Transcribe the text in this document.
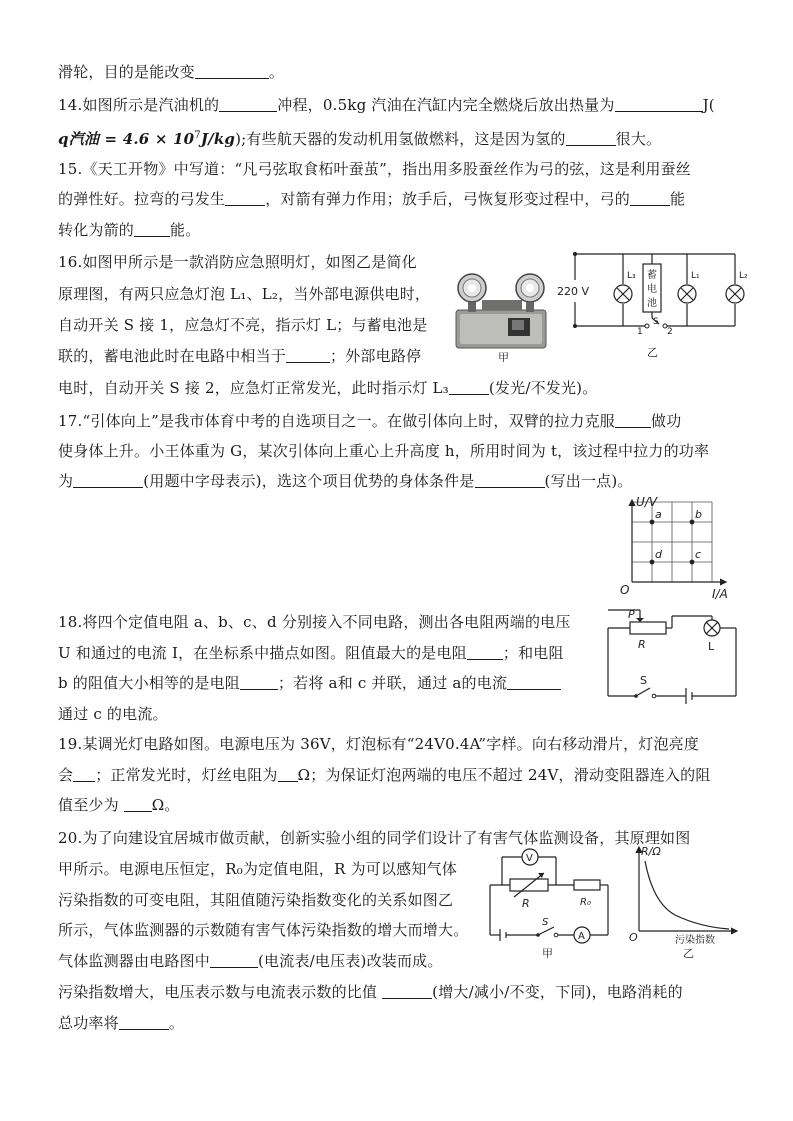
滑轮，目的是能改变	。
14.如图所示是汽油机的	冲程，0.5kg 汽油在汽缸内完全燃烧后放出热量为	J(
q汽油 = $4.6 \times 10^7J/kg$);有些航天器的发动机用氢做燃料，这是因为氢的	很大。
15.《天工开物》中写道：“凡弓弦取食柘叶蚕茧”，指出用多股蚕丝作为弓的弦，这是利用蚕丝
的弹性好。拉弯的弓发生	，对箭有弹力作用；放手后，弓恢复形变过程中，弓的	能
转化为箭的 能。
16.如图甲所示是一款消防应急照明灯，如图乙是简化
原理图，有两只应急灯泡 L₁、L₂，当外部电源供电时，
自动开关 S 接 1，应急灯不亮，指示灯 L；与蓄电池是
联的，蓄电池此时在电路中相当于	；外部电路停
电时，自动开关 S 接 2，应急灯正常发光，此时指示灯 L₃	(发光/不发光)。
甲
220 V
L₃ 蓄
电
池
L₁	L₂
S
1	2
乙
17.“引体向上”是我市体育中考的自选项目之一。在做引体向上时，双臂的拉力克服 做功
使身体上升。小王体重为 G，某次引体向上重心上升高度 h，所用时间为 t，该过程中拉力的功率
为	(用题中字母表示)，选这个项目优势的身体条件是	(写出一点)。
a	b
c
d
U/V
I/A
O
18.将四个定值电阻 a、b、c、d 分别接入不同电路，测出各电阻两端的电压
U 和通过的电流 I，在坐标系中描点如图。阻值最大的是电阻 ；和电阻
b 的阻值大小相等的是电阻	；若将 a和 c 并联，通过 a的电流
通过 c 的电流。
P
R	L
S
19.某调光灯电路如图。电源电压为 36V，灯泡标有“24V0.4A”字样。向右移动滑片，灯泡亮度
会 ；正常发光时，灯丝电阻为 Ω；为保证灯泡两端的电压不超过 24V，滑动变阻器连入的阻
值至少为 Ω。
20.为了向建设宜居城市做贡献，创新实验小组的同学们设计了有害气体监测设备，其原理如图
甲所示。电源电压恒定，R₀为定值电阻，R 为可以感知气体
污染指数的可变电阻，其阻值随污染指数变化的关系如图乙
所示，气体监测器的示数随有害气体污染指数的增大而增大。
气体监测器由电路图中	(电流表/电压表)改装而成。
污染指数增大，电压表示数与电流表示数的比值	(增大/减小/不变，下同)，电路消耗的
总功率将	。
V
A
R	R₀
S
甲
R/Ω
O	污染指数
乙
